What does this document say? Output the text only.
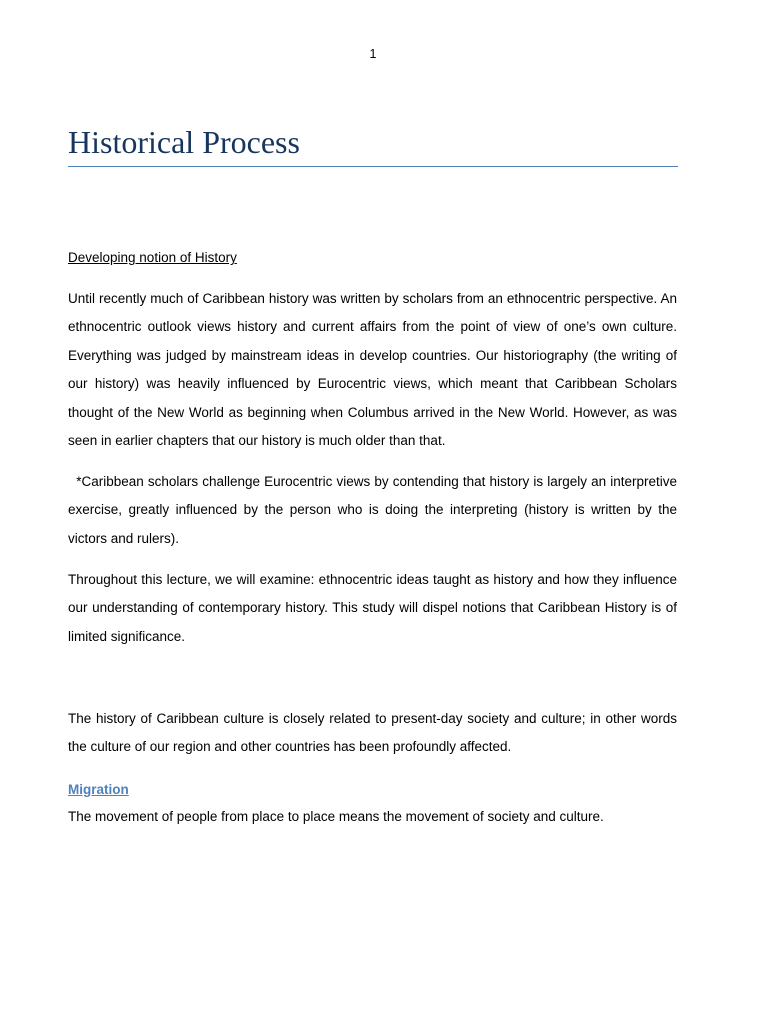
1
Historical Process
Developing notion of History

Until recently much of Caribbean history was written by scholars from an ethnocentric perspective. An ethnocentric outlook views history and current affairs from the point of view of one’s own culture. Everything was judged by mainstream ideas in develop countries. Our historiography (the writing of our history) was heavily influenced by Eurocentric views, which meant that Caribbean Scholars thought of the New World as beginning when Columbus arrived in the New World. However, as was seen in earlier chapters that our history is much older than that.

*Caribbean scholars challenge Eurocentric views by contending that history is largely an interpretive exercise, greatly influenced by the person who is doing the interpreting (history is written by the victors and rulers).

Throughout this lecture, we will examine: ethnocentric ideas taught as history and how they influence our understanding of contemporary history. This study will dispel notions that Caribbean History is of limited significance.

The history of Caribbean culture is closely related to present-day society and culture; in other words the culture of our region and other countries has been profoundly affected.

Migration
The movement of people from place to place means the movement of society and culture.
